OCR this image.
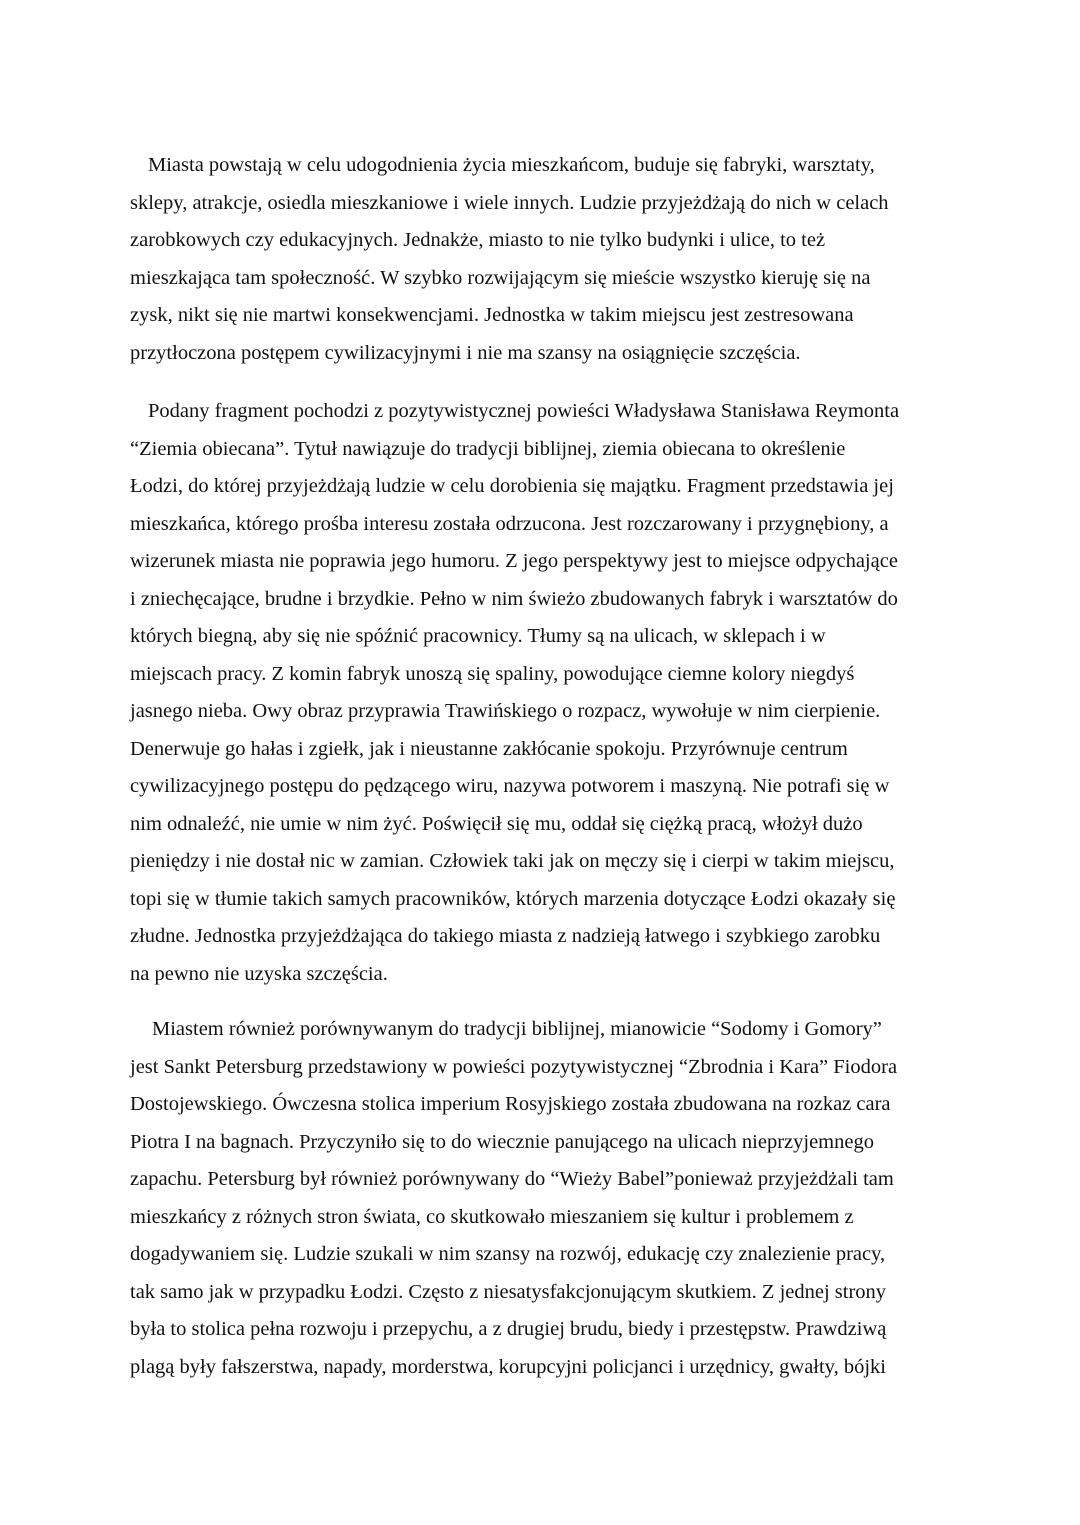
Miasta powstają w celu udogodnienia życia mieszkańcom, buduje się fabryki, warsztaty,
sklepy, atrakcje, osiedla mieszkaniowe i wiele innych. Ludzie przyjeżdżają do nich w celach
zarobkowych czy edukacyjnych. Jednakże, miasto to nie tylko budynki i ulice, to też
mieszkająca tam społeczność. W szybko rozwijającym się mieście wszystko kieruję się na
zysk, nikt się nie martwi konsekwencjami. Jednostka w takim miejscu jest zestresowana
przytłoczona postępem cywilizacyjnymi i nie ma szansy na osiągnięcie szczęścia.
Podany fragment pochodzi z pozytywistycznej powieści Władysława Stanisława Reymonta
“Ziemia obiecana”. Tytuł nawiązuje do tradycji biblijnej, ziemia obiecana to określenie
Łodzi, do której przyjeżdżają ludzie w celu dorobienia się majątku. Fragment przedstawia jej
mieszkańca, którego prośba interesu została odrzucona. Jest rozczarowany i przygnębiony, a
wizerunek miasta nie poprawia jego humoru. Z jego perspektywy jest to miejsce odpychające
i zniechęcające, brudne i brzydkie. Pełno w nim świeżo zbudowanych fabryk i warsztatów do
których biegną, aby się nie spóźnić pracownicy. Tłumy są na ulicach, w sklepach i w
miejscach pracy. Z komin fabryk unoszą się spaliny, powodujące ciemne kolory niegdyś
jasnego nieba. Owy obraz przyprawia Trawińskiego o rozpacz, wywołuje w nim cierpienie.
Denerwuje go hałas i zgiełk, jak i nieustanne zakłócanie spokoju. Przyrównuje centrum
cywilizacyjnego postępu do pędzącego wiru, nazywa potworem i maszyną. Nie potrafi się w
nim odnaleźć, nie umie w nim żyć. Poświęcił się mu, oddał się ciężką pracą, włożył dużo
pieniędzy i nie dostał nic w zamian. Człowiek taki jak on męczy się i cierpi w takim miejscu,
topi się w tłumie takich samych pracowników, których marzenia dotyczące Łodzi okazały się
złudne. Jednostka przyjeżdżająca do takiego miasta z nadzieją łatwego i szybkiego zarobku
na pewno nie uzyska szczęścia.
Miastem również porównywanym do tradycji biblijnej, mianowicie “Sodomy i Gomory”
jest Sankt Petersburg przedstawiony w powieści pozytywistycznej “Zbrodnia i Kara” Fiodora
Dostojewskiego. Ówczesna stolica imperium Rosyjskiego została zbudowana na rozkaz cara
Piotra I na bagnach. Przyczyniło się to do wiecznie panującego na ulicach nieprzyjemnego
zapachu. Petersburg był również porównywany do “Wieży Babel”ponieważ przyjeżdżali tam
mieszkańcy z różnych stron świata, co skutkowało mieszaniem się kultur i problemem z
dogadywaniem się. Ludzie szukali w nim szansy na rozwój, edukację czy znalezienie pracy,
tak samo jak w przypadku Łodzi. Często z niesatysfakcjonującym skutkiem. Z jednej strony
była to stolica pełna rozwoju i przepychu, a z drugiej brudu, biedy i przestępstw. Prawdziwą
plagą były fałszerstwa, napady, morderstwa, korupcyjni policjanci i urzędnicy, gwałty, bójki
